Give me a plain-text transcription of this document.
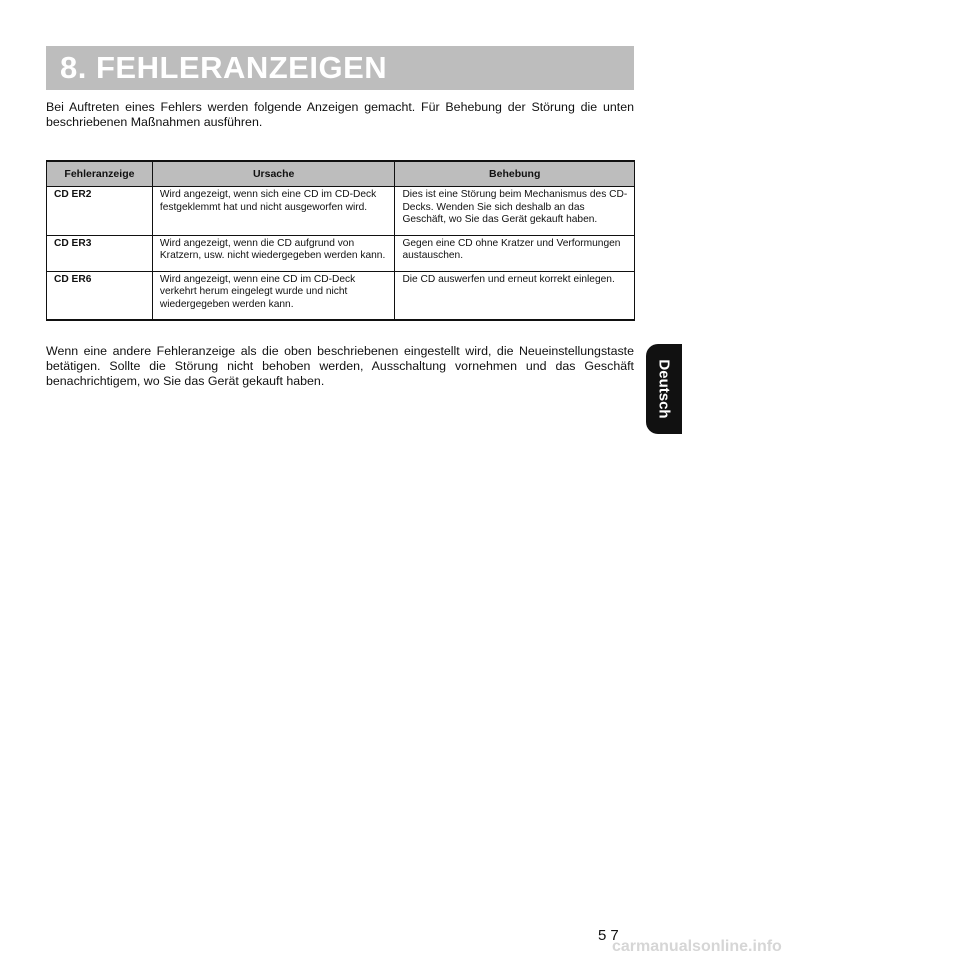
8. FEHLERANZEIGEN

Bei Auftreten eines Fehlers werden folgende Anzeigen gemacht. Für Behebung der Störung die unten beschriebenen Maßnahmen ausführen.

Fehleranzeige	Ursache	Behebung
CD ER2	Wird angezeigt, wenn sich eine CD im CD-Deck festgeklemmt hat und nicht ausgeworfen wird.	Dies ist eine Störung beim Mechanismus des CD-Decks. Wenden Sie sich deshalb an das Geschäft, wo Sie das Gerät gekauft haben.
CD ER3	Wird angezeigt, wenn die CD aufgrund von Kratzern, usw. nicht wiedergegeben werden kann.	Gegen eine CD ohne Kratzer und Verformungen austauschen.
CD ER6	Wird angezeigt, wenn eine CD im CD-Deck verkehrt herum eingelegt wurde und nicht wiedergegeben werden kann.	Die CD auswerfen und erneut korrekt einlegen.

Wenn eine andere Fehleranzeige als die oben beschriebenen eingestellt wird, die Neueinstellungstaste betätigen. Sollte die Störung nicht behoben werden, Ausschaltung vornehmen und das Geschäft benachrichtigem, wo Sie das Gerät gekauft haben.	Deutsch
57
carmanualsonline.info
